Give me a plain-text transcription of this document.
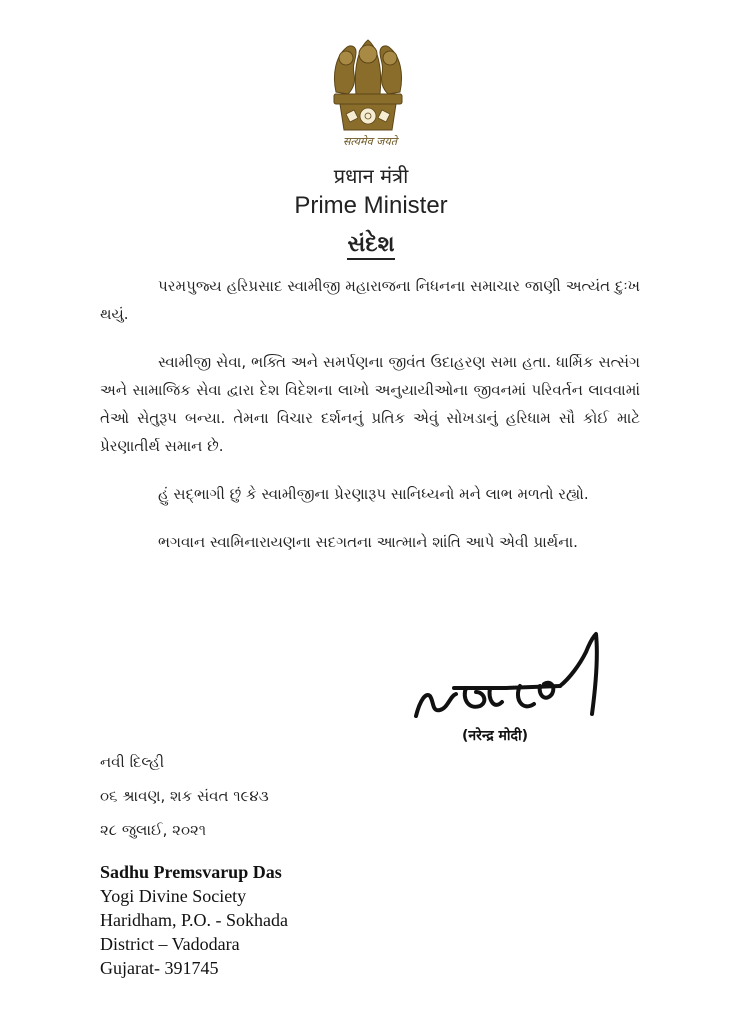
सत्यमेव जयते
प्रधान मंत्री
Prime Minister
સંદેશ

પરમપુજ્ય હરિપ્રસાદ સ્વામીજી મહારાજના નિધનના સમાચાર જાણી અત્યંત દુઃખ થયું.

સ્વામીજી સેવા, ભક્તિ અને સમર્પણના જીવંત ઉદાહરણ સમા હતા. ધાર્મિક સત્સંગ અને સામાજિક સેવા દ્વારા દેશ વિદેશના લાખો અનુયાયીઓના જીવનમાં પરિવર્તન લાવવામાં તેઓ સેતુરૂપ બન્યા. તેમના વિચાર દર્શનનું પ્રતિક એવું સોખડાનું હરિધામ સૌ કોઈ માટે પ્રેરણાતીર્થ સમાન છે.

હું સદ્ભાગી છું કે સ્વામીજીના પ્રેરણારૂપ સાનિધ્યનો મને લાભ મળતો રહ્યો.

ભગવાન સ્વામિનારાયણના સદગતના આત્માને શાંતિ આપે એવી પ્રાર્થના.

(नरेन्द्र मोदी)
નવી દિલ્હી
૦૬ શ્રાવણ, શક સંવત ૧૯૪૩
૨૮ જુલાઈ, ૨૦૨૧
Sadhu Premsvarup Das
Yogi Divine Society
Haridham, P.O. - Sokhada
District – Vadodara
Gujarat- 391745
